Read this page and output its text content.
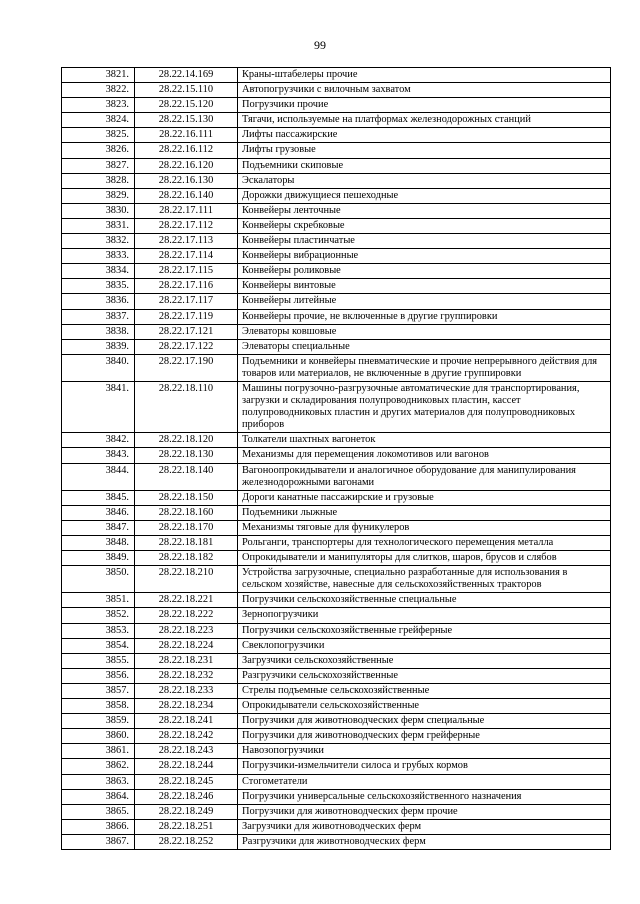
99
3821.	28.22.14.169	Краны-штабелеры прочие
3822.	28.22.15.110	Автопогрузчики с вилочным захватом
3823.	28.22.15.120	Погрузчики прочие
3824.	28.22.15.130	Тягачи, используемые на платформах железнодорожных станций
3825.	28.22.16.111	Лифты пассажирские
3826.	28.22.16.112	Лифты грузовые
3827.	28.22.16.120	Подъемники скиповые
3828.	28.22.16.130	Эскалаторы
3829.	28.22.16.140	Дорожки движущиеся пешеходные
3830.	28.22.17.111	Конвейеры ленточные
3831.	28.22.17.112	Конвейеры скребковые
3832.	28.22.17.113	Конвейеры пластинчатые
3833.	28.22.17.114	Конвейеры вибрационные
3834.	28.22.17.115	Конвейеры роликовые
3835.	28.22.17.116	Конвейеры винтовые
3836.	28.22.17.117	Конвейеры литейные
3837.	28.22.17.119	Конвейеры прочие, не включенные в другие группировки
3838.	28.22.17.121	Элеваторы ковшовые
3839.	28.22.17.122	Элеваторы специальные
3840.	28.22.17.190	Подъемники и конвейеры пневматические и прочие непрерывного действия для товаров или материалов, не включенные в другие группировки
3841.	28.22.18.110	Машины погрузочно-разгрузочные автоматические для транспортирования, загрузки и складирования полупроводниковых пластин, кассет полупроводниковых пластин и других материалов для полупроводниковых приборов
3842.	28.22.18.120	Толкатели шахтных вагонеток
3843.	28.22.18.130	Механизмы для перемещения локомотивов или вагонов
3844.	28.22.18.140	Вагоноопрокидыватели и аналогичное оборудование для манипулирования железнодорожными вагонами
3845.	28.22.18.150	Дороги канатные пассажирские и грузовые
3846.	28.22.18.160	Подъемники лыжные
3847.	28.22.18.170	Механизмы тяговые для фуникулеров
3848.	28.22.18.181	Рольганги, транспортеры для технологического перемещения металла
3849.	28.22.18.182	Опрокидыватели и манипуляторы для слитков, шаров, брусов и слябов
3850.	28.22.18.210	Устройства загрузочные, специально разработанные для использования в сельском хозяйстве, навесные для сельскохозяйственных тракторов
3851.	28.22.18.221	Погрузчики сельскохозяйственные специальные
3852.	28.22.18.222	Зернопогрузчики
3853.	28.22.18.223	Погрузчики сельскохозяйственные грейферные
3854.	28.22.18.224	Свеклопогрузчики
3855.	28.22.18.231	Загрузчики сельскохозяйственные
3856.	28.22.18.232	Разгрузчики сельскохозяйственные
3857.	28.22.18.233	Стрелы подъемные сельскохозяйственные
3858.	28.22.18.234	Опрокидыватели сельскохозяйственные
3859.	28.22.18.241	Погрузчики для животноводческих ферм специальные
3860.	28.22.18.242	Погрузчики для животноводческих ферм грейферные
3861.	28.22.18.243	Навозопогрузчики
3862.	28.22.18.244	Погрузчики-измельчители силоса и грубых кормов
3863.	28.22.18.245	Стогометатели
3864.	28.22.18.246	Погрузчики универсальные сельскохозяйственного назначения
3865.	28.22.18.249	Погрузчики для животноводческих ферм прочие
3866.	28.22.18.251	Загрузчики для животноводческих ферм
3867.	28.22.18.252	Разгрузчики для животноводческих ферм
